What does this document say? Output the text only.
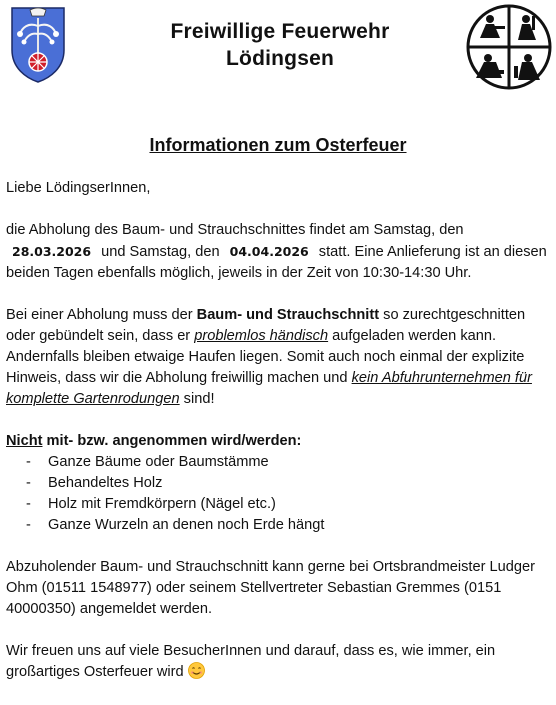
Freiwillige Feuerwehr
Lödingsen
Informationen zum Osterfeuer

Liebe LödingserInnen,

die Abholung des Baum- und Strauchschnittes findet am Samstag, den
28.03.2026 und Samstag, den 04.04.2026 statt. Eine Anlieferung ist an diesen
beiden Tagen ebenfalls möglich, jeweils in der Zeit von 10:30-14:30 Uhr.

Bei einer Abholung muss der Baum- und Strauchschnitt so zurechtgeschnitten oder gebündelt sein, dass er problemlos händisch aufgeladen werden kann. Andernfalls bleiben etwaige Haufen liegen. Somit auch noch einmal der explizite Hinweis, dass wir die Abholung freiwillig machen und kein Abfuhrunternehmen für komplette Gartenrodungen sind!

Nicht mit- bzw. angenommen wird/werden:

- Ganze Bäume oder Baumstämme
- Behandeltes Holz
- Holz mit Fremdkörpern (Nägel etc.)
- Ganze Wurzeln an denen noch Erde hängt

Abzuholender Baum- und Strauchschnitt kann gerne bei Ortsbrandmeister Ludger Ohm (01511 1548977) oder seinem Stellvertreter Sebastian Gremmes (0151 40000350) angemeldet werden.

Wir freuen uns auf viele BesucherInnen und darauf, dass es, wie immer, ein großartiges Osterfeuer wird
